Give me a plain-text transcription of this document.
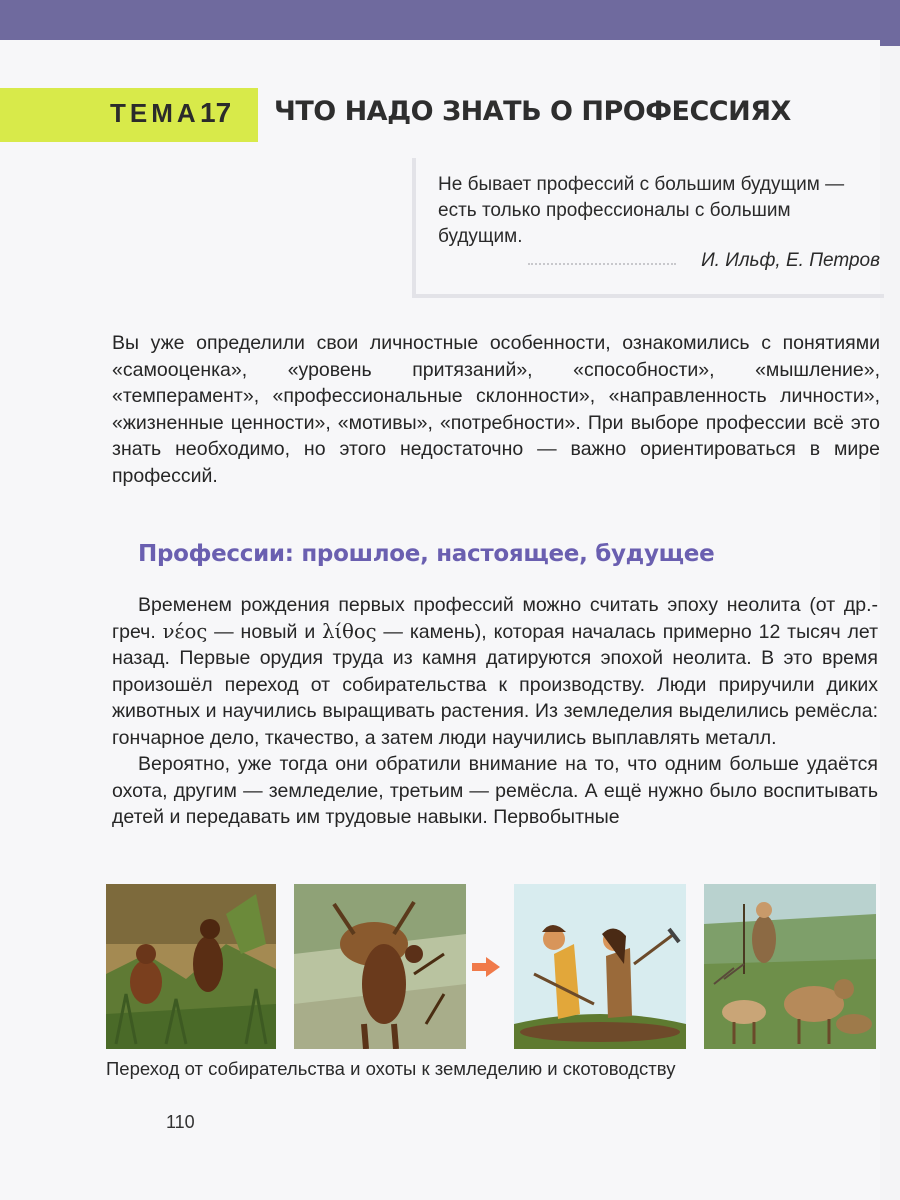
ТЕМА 17 ЧТО НАДО ЗНАТЬ О ПРОФЕССИЯХ
Не бывает профессий с большим будущим — есть только профессионалы с большим будущим.
И. Ильф, Е. Петров
Вы уже определили свои личностные особенности, ознакомились с понятиями «самооценка», «уровень притязаний», «способности», «мышление», «темперамент», «профессиональные склонности», «направленность личности», «жизненные ценности», «мотивы», «потребности». При выборе профессии всё это знать необходимо, но этого недостаточно — важно ориентироваться в мире профессий.
Профессии: прошлое, настоящее, будущее

Временем рождения первых профессий можно считать эпоху неолита (от др.-греч. νέος — новый и λίθος — камень), которая началась примерно 12 тысяч лет назад. Первые орудия труда из камня датируются эпохой неолита. В это время произошёл переход от собирательства к производству. Люди приручили диких животных и научились выращивать растения. Из земледелия выделились ремёсла: гончарное дело, ткачество, а затем люди научились выплавлять металл.

Вероятно, уже тогда они обратили внимание на то, что одним больше удаётся охота, другим — земледелие, третьим — ремёсла. А ещё нужно было воспитывать детей и передавать им трудовые навыки. Первобытные

Переход от собирательства и охоты к земледелию и скотоводству
110
